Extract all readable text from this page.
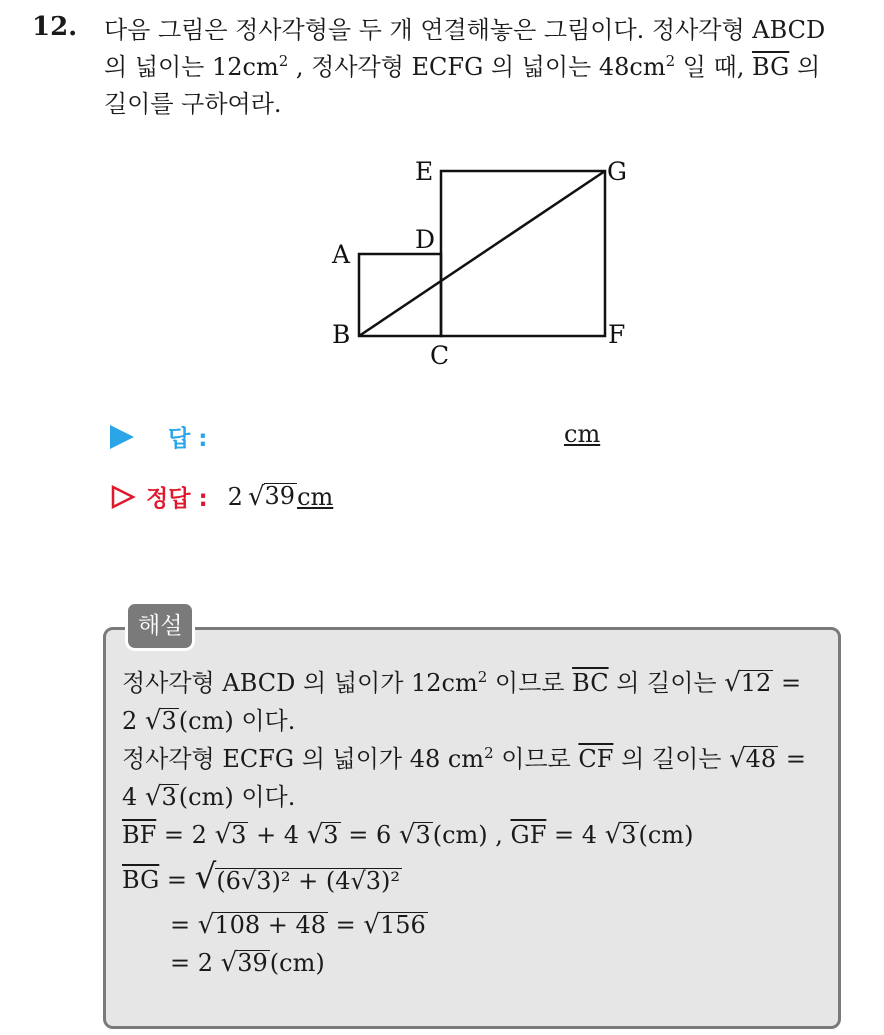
12. 다음 그림은 정사각형을 두 개 연결해놓은 그림이다. 정사각형 ABCD
의 넓이는 $12cm^2$ , 정사각형 ECFG 의 넓이는 $48cm^2$ 일 때, $\overline{BG}$ 의
길이를 구하여라.
E	G
D
A
B
C
F
답 :	cm
정답 : 2 √ 39 cm
해설
정사각형 ABCD 의 넓이가 $12cm^2$ 이므로 $\overline{BC}$ 의 길이는 √ 12 =
2 √ 3 (cm) 이다.
정사각형 ECFG 의 넓이가 48 $cm^2$ 이므로 $\overline{CF}$ 의 길이는 √ 48 =
4 √ 3 (cm) 이다.
$\overline{BF} = 2$ √ 3 + 4 √ 3 = 6 √ 3 (cm) , $\overline{GF} = 4$ √ 3 (cm)
$\overline{BG}$ = √ (6√3)² + (4√3)²
= √ 108 + 48 = √ 156
= 2 √ 39 (cm)
